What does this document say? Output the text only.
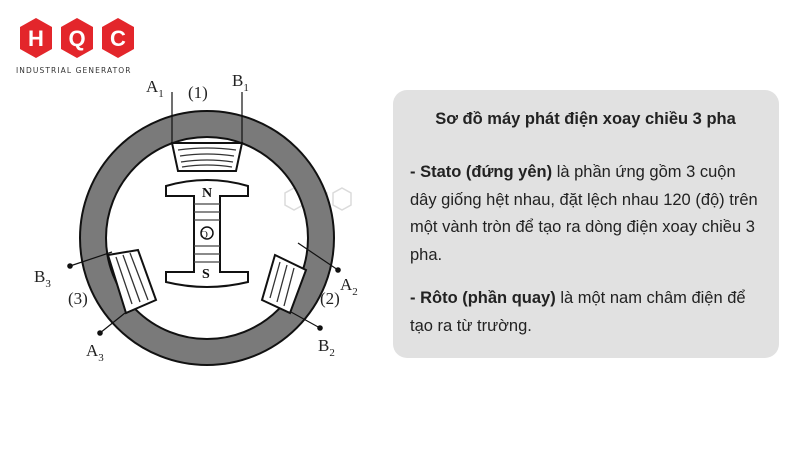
H Q C
INDUSTRIAL GENERATOR
N
S
O
$A_1$ (1)
$B_1$
$A_2$
(2)
$B_2$
$B_3$
(3)
$A_3$
Sơ đồ máy phát điện xoay chiều 3 pha

- Stato (đứng yên) là phần ứng gồm 3 cuộn dây giống hệt nhau, đặt lệch nhau 120 (độ) trên một vành tròn để tạo ra dòng điện xoay chiều 3 pha.

- Rôto (phần quay) là một nam châm điện để tạo ra từ trường.
